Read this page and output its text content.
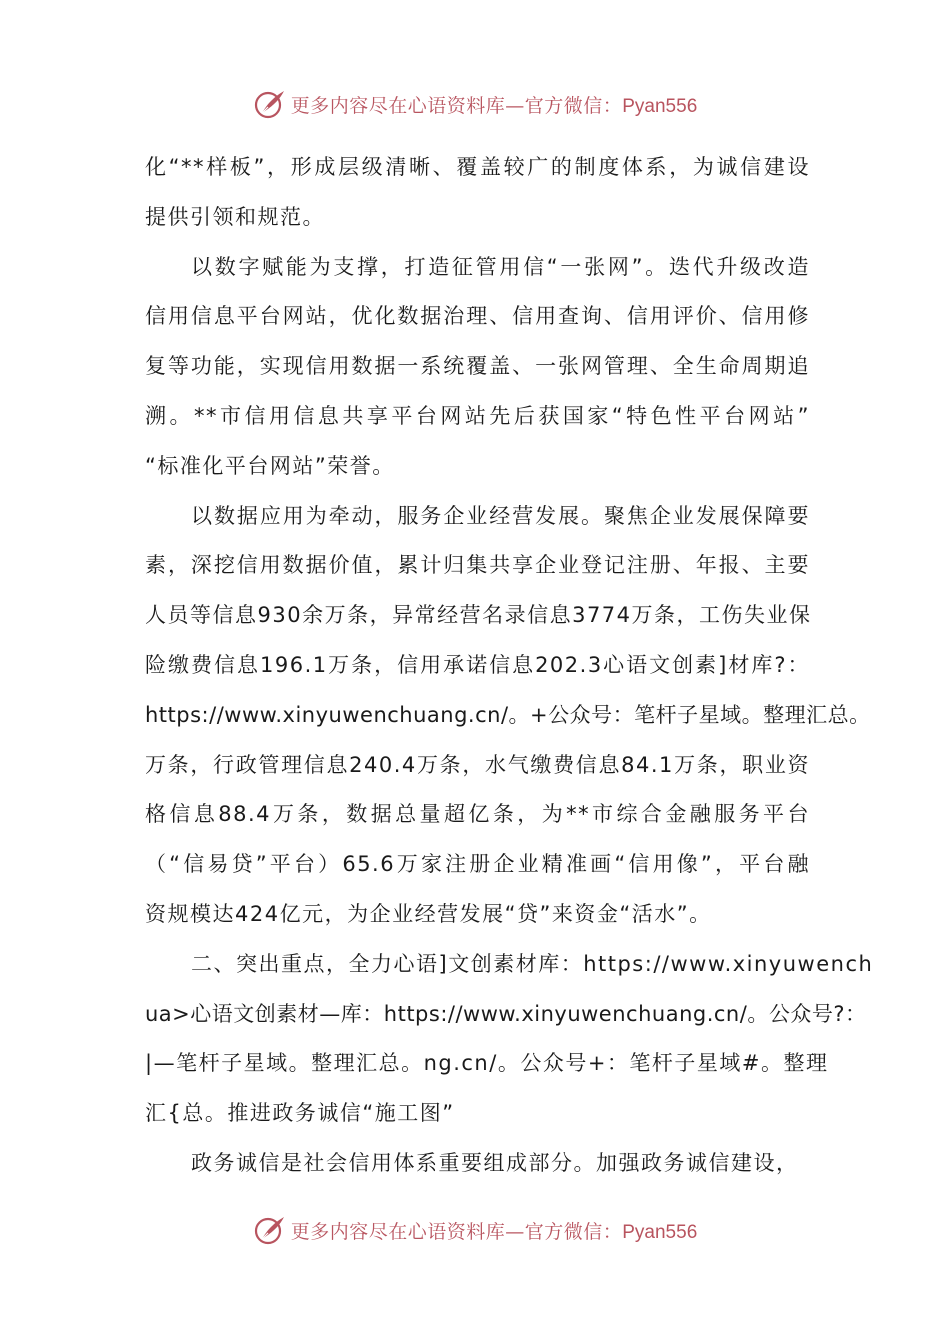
更多内容尽在心语资料库—官方微信：Pyan556
化“**样板”，形成层级清晰、覆盖较广的制度体系，为诚信建设
提供引领和规范。
以数字赋能为支撑，打造征管用信“一张网”。迭代升级改造
信用信息平台网站，优化数据治理、信用查询、信用评价、信用修
复等功能，实现信用数据一系统覆盖、一张网管理、全生命周期追
溯。**市信用信息共享平台网站先后获国家“特色性平台网站”
“标准化平台网站”荣誉。
以数据应用为牵动，服务企业经营发展。聚焦企业发展保障要
素，深挖信用数据价值，累计归集共享企业登记注册、年报、主要
人员等信息930余万条，异常经营名录信息3774万条，工伤失业保
险缴费信息196.1万条，信用承诺信息202.3心语文创素]材库?：
https://www.xinyuwenchuang.cn/。+公众号：笔杆子星域。整理汇总。
万条，行政管理信息240.4万条，水气缴费信息84.1万条，职业资
格信息88.4万条，数据总量超亿条，为**市综合金融服务平台
（“信易贷”平台）65.6万家注册企业精准画“信用像”，平台融
资规模达424亿元，为企业经营发展“贷”来资金“活水”。
二、突出重点，全力心语]文创素材库：https://www.xinyuwench
ua>心语文创素材—库：https://www.xinyuwenchuang.cn/。公众号?：
|—笔杆子星域。整理汇总。ng.cn/。公众号+：笔杆子星域#。整理
汇{总。推进政务诚信“施工图”
政务诚信是社会信用体系重要组成部分。加强政务诚信建设，
更多内容尽在心语资料库—官方微信：Pyan556
